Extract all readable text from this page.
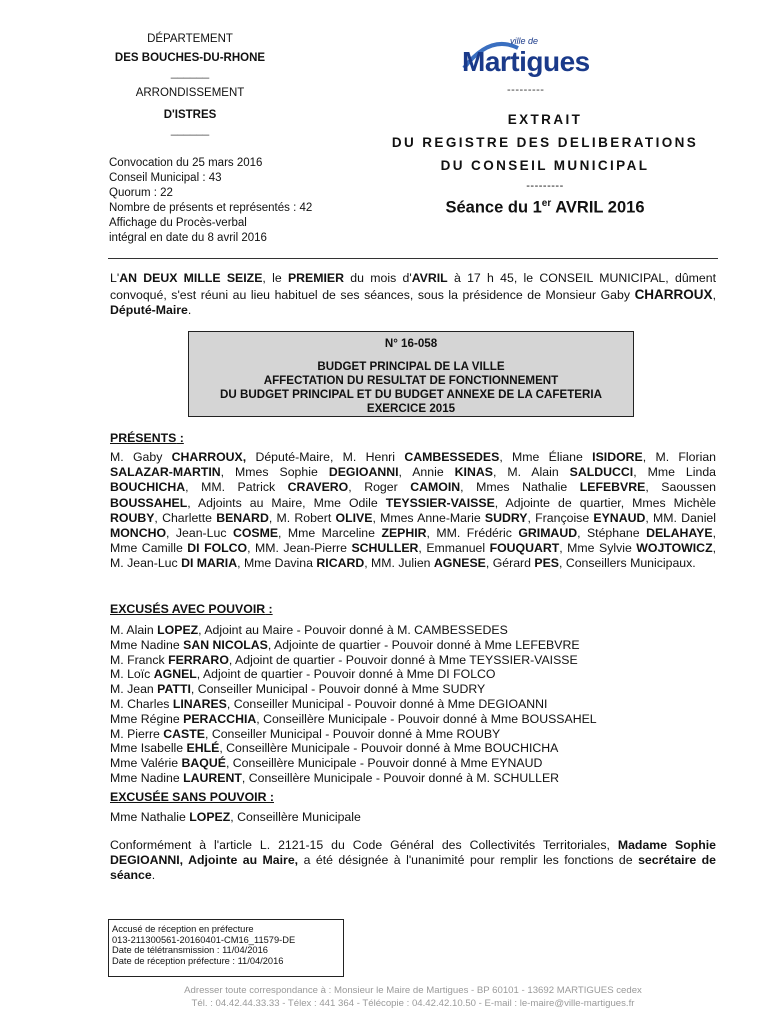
DÉPARTEMENT
DES BOUCHES-DU-RHONE
______
ARRONDISSEMENT
D'ISTRES
______
ville de
Martigues
---------
EXTRAIT
DU REGISTRE DES DELIBERATIONS
DU CONSEIL MUNICIPAL
---------
Séance du 1er AVRIL 2016
Convocation du 25 mars 2016
Conseil Municipal : 43
Quorum : 22
Nombre de présents et représentés : 42
Affichage du Procès-verbal
intégral en date du 8 avril 2016
L'AN DEUX MILLE SEIZE, le PREMIER du mois d'AVRIL à 17 h 45, le CONSEIL MUNICIPAL, dûment convoqué, s'est réuni au lieu habituel de ses séances, sous la présidence de Monsieur Gaby CHARROUX, Député-Maire.
N° 16-058
BUDGET PRINCIPAL DE LA VILLE
AFFECTATION DU RESULTAT DE FONCTIONNEMENT
DU BUDGET PRINCIPAL ET DU BUDGET ANNEXE DE LA CAFETERIA
EXERCICE 2015
PRÉSENTS :
M. Gaby CHARROUX, Député-Maire, M. Henri CAMBESSEDES, Mme Éliane ISIDORE, M. Florian SALAZAR-MARTIN, Mmes Sophie DEGIOANNI, Annie KINAS, M. Alain SALDUCCI, Mme Linda BOUCHICHA, MM. Patrick CRAVERO, Roger CAMOIN, Mmes Nathalie LEFEBVRE, Saoussen BOUSSAHEL, Adjoints au Maire, Mme Odile TEYSSIER-VAISSE, Adjointe de quartier, Mmes Michèle ROUBY, Charlette BENARD, M. Robert OLIVE, Mmes Anne-Marie SUDRY, Françoise EYNAUD, MM. Daniel MONCHO, Jean-Luc COSME, Mme Marceline ZEPHIR, MM. Frédéric GRIMAUD, Stéphane DELAHAYE, Mme Camille DI FOLCO, MM. Jean-Pierre SCHULLER, Emmanuel FOUQUART, Mme Sylvie WOJTOWICZ, M. Jean-Luc DI MARIA, Mme Davina RICARD, MM. Julien AGNESE, Gérard PES, Conseillers Municipaux.
EXCUSÉS AVEC POUVOIR :
M. Alain LOPEZ, Adjoint au Maire - Pouvoir donné à M. CAMBESSEDES
Mme Nadine SAN NICOLAS, Adjointe de quartier - Pouvoir donné à Mme LEFEBVRE
M. Franck FERRARO, Adjoint de quartier - Pouvoir donné à Mme TEYSSIER-VAISSE
M. Loïc AGNEL, Adjoint de quartier - Pouvoir donné à Mme DI FOLCO
M. Jean PATTI, Conseiller Municipal - Pouvoir donné à Mme SUDRY
M. Charles LINARES, Conseiller Municipal - Pouvoir donné à Mme DEGIOANNI
Mme Régine PERACCHIA, Conseillère Municipale - Pouvoir donné à Mme BOUSSAHEL
M. Pierre CASTE, Conseiller Municipal - Pouvoir donné à Mme ROUBY
Mme Isabelle EHLÉ, Conseillère Municipale - Pouvoir donné à Mme BOUCHICHA
Mme Valérie BAQUÉ, Conseillère Municipale - Pouvoir donné à Mme EYNAUD
Mme Nadine LAURENT, Conseillère Municipale - Pouvoir donné à M. SCHULLER
EXCUSÉE SANS POUVOIR :
Mme Nathalie LOPEZ, Conseillère Municipale
Conformément à l'article L. 2121-15 du Code Général des Collectivités Territoriales, Madame Sophie DEGIOANNI, Adjointe au Maire, a été désignée à l'unanimité pour remplir les fonctions de secrétaire de séance.
Accusé de réception en préfecture
013-211300561-20160401-CM16_11579-DE
Date de télétransmission : 11/04/2016
Date de réception préfecture : 11/04/2016
Adresser toute correspondance à : Monsieur le Maire de Martigues - BP 60101 - 13692 MARTIGUES cedex
Tél. : 04.42.44.33.33 - Télex : 441 364 - Télécopie : 04.42.42.10.50 - E-mail : le-maire@ville-martigues.fr
